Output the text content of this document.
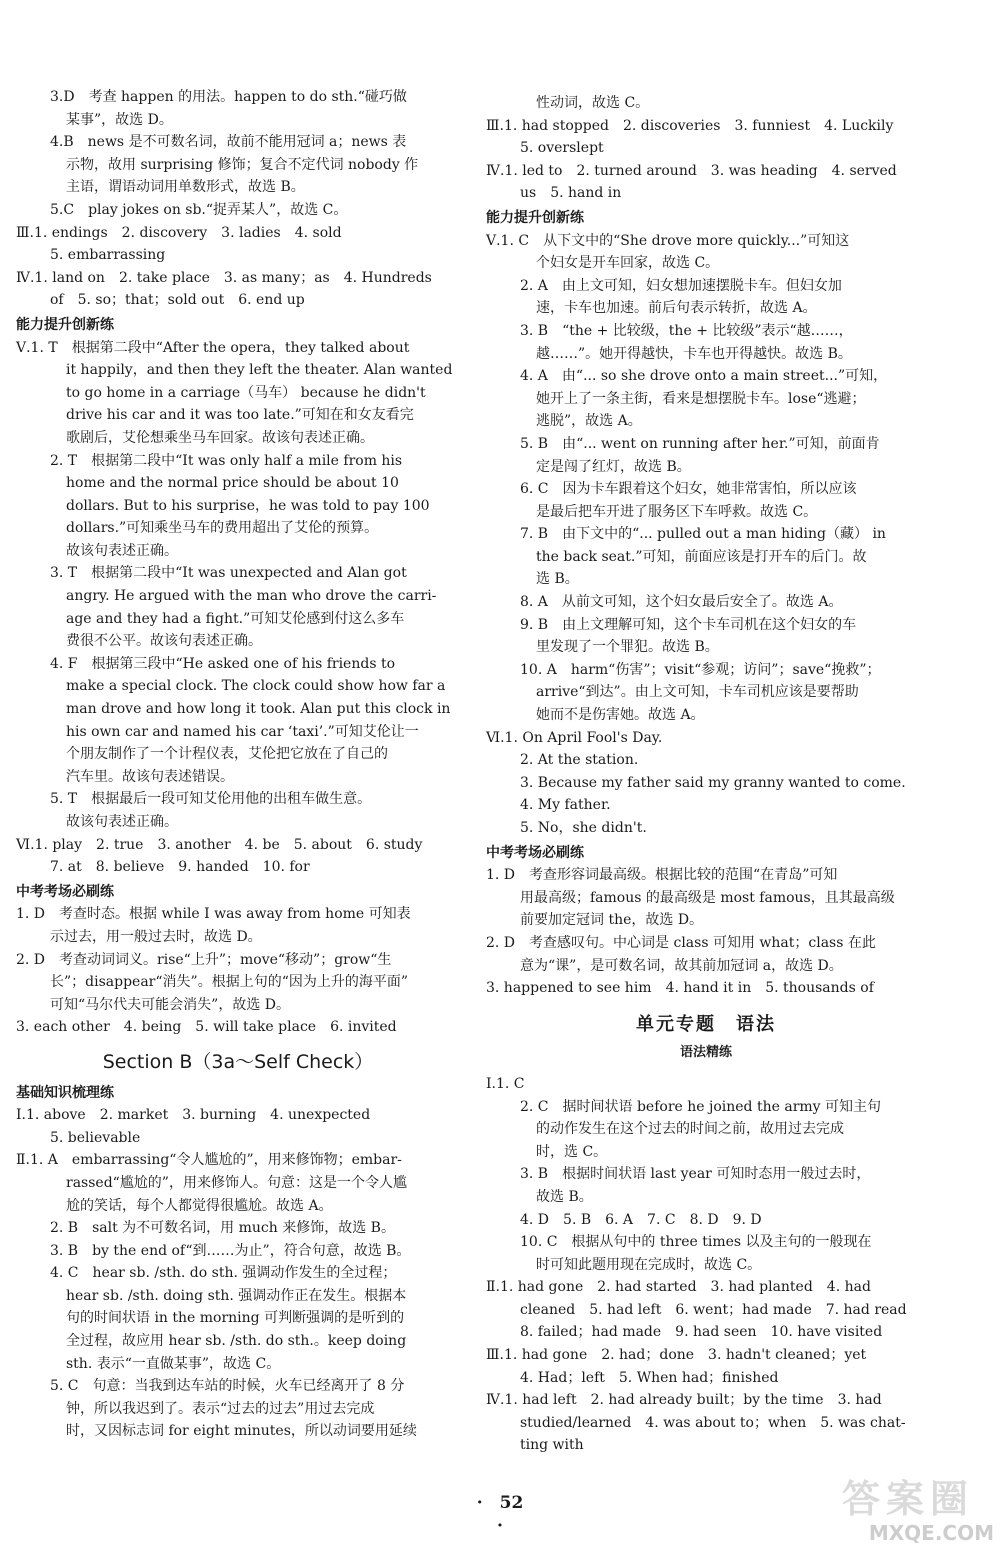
3.D　考查 happen 的用法。happen to do sth.“碰巧做
某事”，故选 D。
4.B　news 是不可数名词，故前不能用冠词 a；news 表
示物，故用 surprising 修饰；复合不定代词 nobody 作
主语，谓语动词用单数形式，故选 B。
5.C　play jokes on sb.“捉弄某人”，故选 C。
Ⅲ.1. endings　2. discovery　3. ladies　4. sold
5. embarrassing
Ⅳ.1. land on　2. take place　3. as many；as　4. Hundreds
of　5. so；that；sold out　6. end up
能力提升创新练
Ⅴ.1. T　根据第二段中“After the opera，they talked about
it happily，and then they left the theater. Alan wanted
to go home in a carriage（马车） because he didn't
drive his car and it was too late.”可知在和女友看完
歌剧后，艾伦想乘坐马车回家。故该句表述正确。
2. T　根据第二段中“It was only half a mile from his
home and the normal price should be about 10
dollars. But to his surprise，he was told to pay 100
dollars.”可知乘坐马车的费用超出了艾伦的预算。
故该句表述正确。
3. T　根据第二段中“It was unexpected and Alan got
angry. He argued with the man who drove the carri-
age and they had a fight.”可知艾伦感到付这么多车
费很不公平。故该句表述正确。
4. F　根据第三段中“He asked one of his friends to
make a special clock. The clock could show how far a
man drove and how long it took. Alan put this clock in
his own car and named his car ‘taxi’.”可知艾伦让一
个朋友制作了一个计程仪表，艾伦把它放在了自己的
汽车里。故该句表述错误。
5. T　根据最后一段可知艾伦用他的出租车做生意。
故该句表述正确。
Ⅵ.1. play　2. true　3. another　4. be　5. about　6. study
7. at　8. believe　9. handed　10. for
中考考场必刷练
1. D　考查时态。根据 while I was away from home 可知表
示过去，用一般过去时，故选 D。
2. D　考查动词词义。rise“上升”；move“移动”；grow“生
长”；disappear“消失”。根据上句的“因为上升的海平面”
可知“马尔代夫可能会消失”，故选 D。
3. each other　4. being　5. will take place　6. invited
Section B（3a～Self Check）
基础知识梳理练
Ⅰ.1. above　2. market　3. burning　4. unexpected
5. believable
Ⅱ.1. A　embarrassing“令人尴尬的”，用来修饰物；embar-
rassed“尴尬的”，用来修饰人。句意：这是一个令人尴
尬的笑话，每个人都觉得很尴尬。故选 A。
2. B　salt 为不可数名词，用 much 来修饰，故选 B。
3. B　by the end of“到……为止”，符合句意，故选 B。
4. C　hear sb. /sth. do sth. 强调动作发生的全过程；
hear sb. /sth. doing sth. 强调动作正在发生。根据本
句的时间状语 in the morning 可判断强调的是听到的
全过程，故应用 hear sb. /sth. do sth.。keep doing
sth. 表示“一直做某事”，故选 C。
5. C　句意：当我到达车站的时候，火车已经离开了 8 分
钟，所以我迟到了。表示“过去的过去”用过去完成
时，又因标志词 for eight minutes，所以动词要用延续
性动词，故选 C。
Ⅲ.1. had stopped　2. discoveries　3. funniest　4. Luckily
5. overslept
Ⅳ.1. led to　2. turned around　3. was heading　4. served
us　5. hand in
能力提升创新练
Ⅴ.1. C　从下文中的“She drove more quickly...”可知这
个妇女是开车回家，故选 C。
2. A　由上文可知，妇女想加速摆脱卡车。但妇女加
速，卡车也加速。前后句表示转折，故选 A。
3. B　“the + 比较级，the + 比较级”表示“越……，
越……”。她开得越快，卡车也开得越快。故选 B。
4. A　由“... so she drove onto a main street...”可知，
她开上了一条主街，看来是想摆脱卡车。lose“逃避；
逃脱”，故选 A。
5. B　由“... went on running after her.”可知，前面肯
定是闯了红灯，故选 B。
6. C　因为卡车跟着这个妇女，她非常害怕，所以应该
是最后把车开进了服务区下车呼救。故选 C。
7. B　由下文中的“... pulled out a man hiding（藏） in
the back seat.”可知，前面应该是打开车的后门。故
选 B。
8. A　从前文可知，这个妇女最后安全了。故选 A。
9. B　由上文理解可知，这个卡车司机在这个妇女的车
里发现了一个罪犯。故选 B。
10. A　harm“伤害”；visit“参观；访问”；save“挽救”；
arrive“到达”。由上文可知，卡车司机应该是要帮助
她而不是伤害她。故选 A。
Ⅵ.1. On April Fool's Day.
2. At the station.
3. Because my father said my granny wanted to come.
4. My father.
5. No，she didn't.
中考考场必刷练
1. D　考查形容词最高级。根据比较的范围“在青岛”可知
用最高级；famous 的最高级是 most famous，且其最高级
前要加定冠词 the，故选 D。
2. D　考查感叹句。中心词是 class 可知用 what；class 在此
意为“课”，是可数名词，故其前加冠词 a，故选 D。
3. happened to see him　4. hand it in　5. thousands of
单元专题　语法
语法精练
Ⅰ.1. C
2. C　据时间状语 before he joined the army 可知主句
的动作发生在这个过去的时间之前，故用过去完成
时，选 C。
3. B　根据时间状语 last year 可知时态用一般过去时，
故选 B。
4. D　5. B　6. A　7. C　8. D　9. D
10. C　根据从句中的 three times 以及主句的一般现在
时可知此题用现在完成时，故选 C。
Ⅱ.1. had gone　2. had started　3. had planted　4. had
cleaned　5. had left　6. went；had made　7. had read
8. failed；had made　9. had seen　10. have visited
Ⅲ.1. had gone　2. had；done　3. hadn't cleaned；yet
4. Had；left　5. When had；finished
Ⅳ.1. had left　2. had already built；by the time　3. had
studied/learned　4. was about to；when　5. was chat-
ting with
·　52　·
答案圈
MXQE.COM
